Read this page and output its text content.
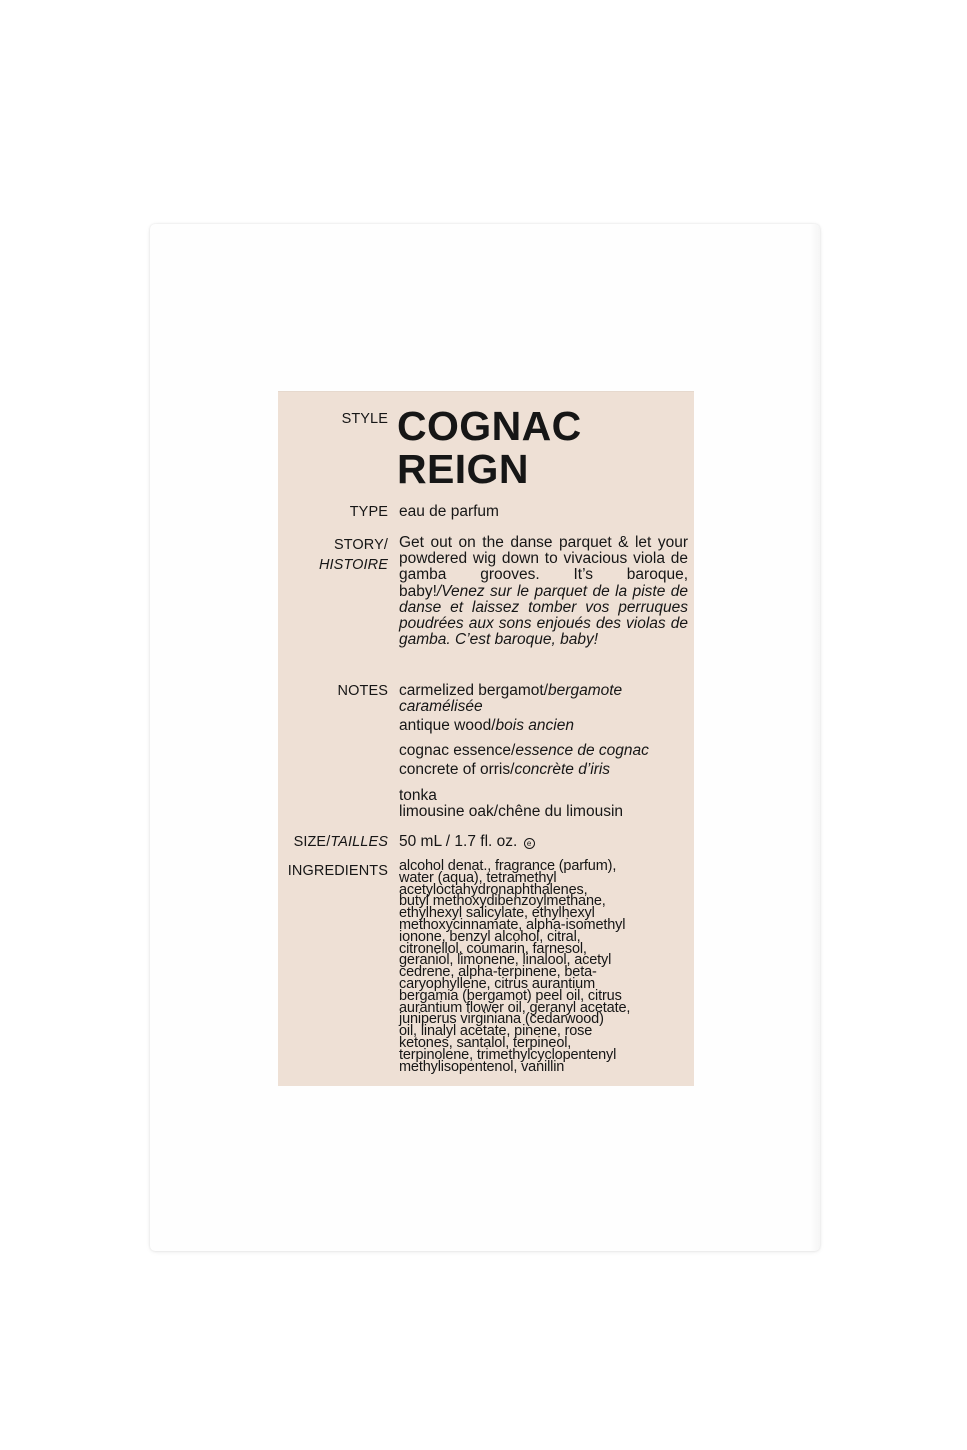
STYLE COGNAC
REIGN
TYPE eau de parfum
STORY/
HISTOIRE
Get out on the danse parquet & let your powdered wig down to vivacious viola de gamba grooves. It’s baroque, baby!/Venez sur le parquet de la piste de danse et laissez tomber vos perruques poudrées aux sons enjoués des violas de gamba. C’est baroque, baby!
NOTES carmelized bergamot/bergamote
caramélisée
antique wood/bois ancien
cognac essence/essence de cognac
concrete of orris/concrète d’iris
tonka
limousine oak/chêne du limousin
SIZE/TAILLES 50 mL / 1.7 fl. oz. e
INGREDIENTS alcohol denat., fragrance (parfum),
water (aqua), tetramethyl
acetyloctahydronaphthalenes,
butyl methoxydibenzoylmethane,
ethylhexyl salicylate, ethylhexyl
methoxycinnamate, alpha-isomethyl
ionone, benzyl alcohol, citral,
citronellol, coumarin, farnesol,
geraniol, limonene, linalool, acetyl
cedrene, alpha-terpinene, beta-
caryophyllene, citrus aurantium
bergamia (bergamot) peel oil, citrus
aurantium flower oil, geranyl acetate,
juniperus virginiana (cedarwood)
oil, linalyl acetate, pinene, rose
ketones, santalol, terpineol,
terpinolene, trimethylcyclopentenyl
methylisopentenol, vanillin
